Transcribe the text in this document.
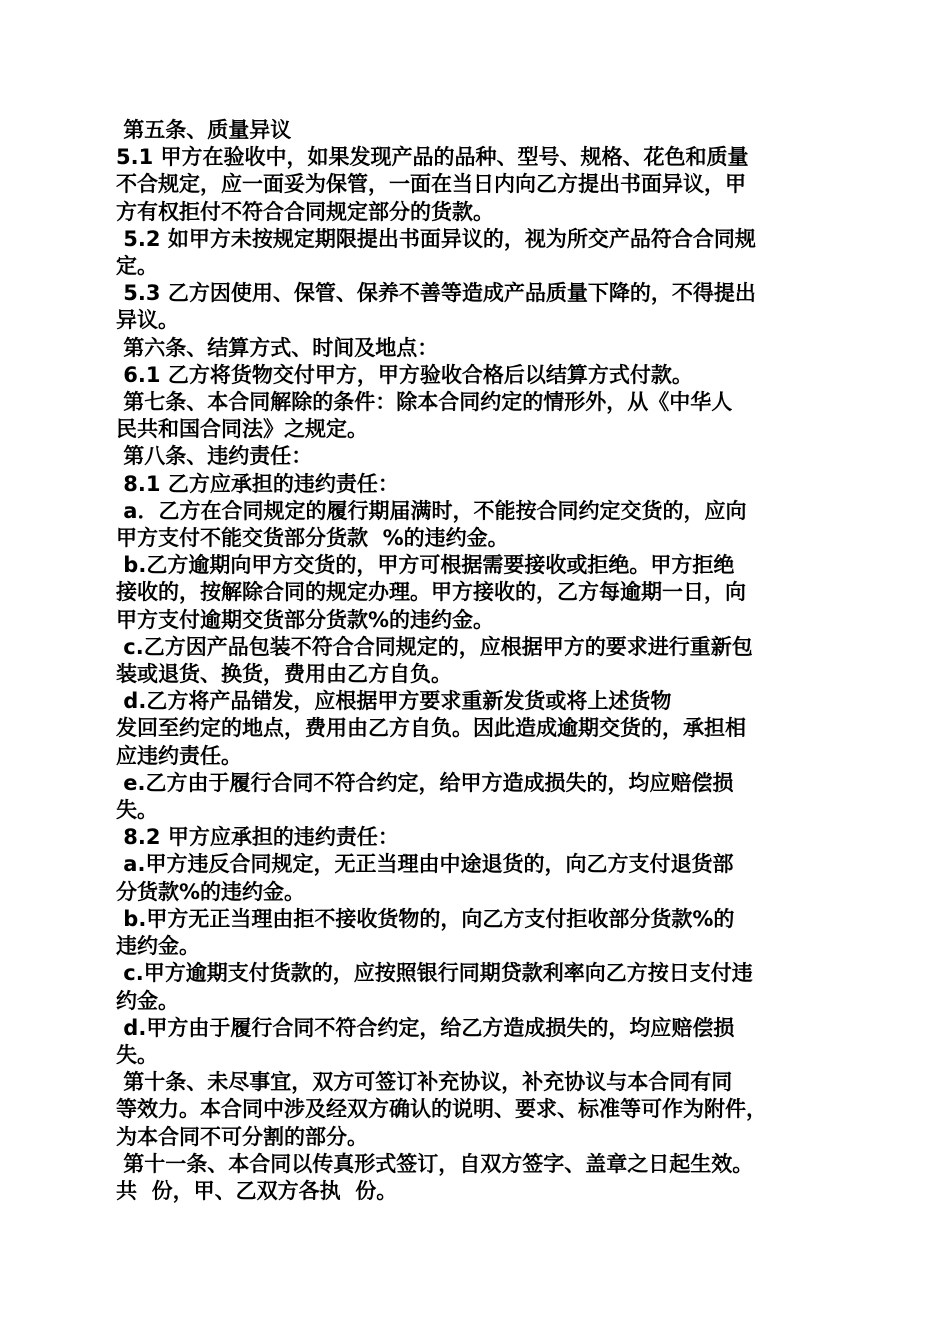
第五条、质量异议
5.1 甲方在验收中，如果发现产品的品种、型号、规格、花色和质量
不合规定，应一面妥为保管，一面在当日内向乙方提出书面异议，甲
方有权拒付不符合合同规定部分的货款。
5.2 如甲方未按规定期限提出书面异议的，视为所交产品符合合同规
定。
5.3 乙方因使用、保管、保养不善等造成产品质量下降的，不得提出
异议。
第六条、结算方式、时间及地点：
6.1 乙方将货物交付甲方，甲方验收合格后以结算方式付款。
第七条、本合同解除的条件：除本合同约定的情形外，从《中华人
民共和国合同法》之规定。
第八条、违约责任：
8.1 乙方应承担的违约责任：
a．乙方在合同规定的履行期届满时，不能按合同约定交货的，应向
甲方支付不能交货部分货款  %的违约金。
b.乙方逾期向甲方交货的，甲方可根据需要接收或拒绝。甲方拒绝
接收的，按解除合同的规定办理。甲方接收的，乙方每逾期一日，向
甲方支付逾期交货部分货款%的违约金。
c.乙方因产品包装不符合合同规定的，应根据甲方的要求进行重新包
装或退货、换货，费用由乙方自负。
d.乙方将产品错发，应根据甲方要求重新发货或将上述货物
发回至约定的地点，费用由乙方自负。因此造成逾期交货的，承担相
应违约责任。
e.乙方由于履行合同不符合约定，给甲方造成损失的，均应赔偿损
失。
8.2 甲方应承担的违约责任：
a.甲方违反合同规定，无正当理由中途退货的，向乙方支付退货部
分货款%的违约金。
b.甲方无正当理由拒不接收货物的，向乙方支付拒收部分货款%的
违约金。
c.甲方逾期支付货款的，应按照银行同期贷款利率向乙方按日支付违
约金。
d.甲方由于履行合同不符合约定，给乙方造成损失的，均应赔偿损
失。
第十条、未尽事宜，双方可签订补充协议，补充协议与本合同有同
等效力。本合同中涉及经双方确认的说明、要求、标准等可作为附件，
为本合同不可分割的部分。
第十一条、本合同以传真形式签订，自双方签字、盖章之日起生效。
共  份，甲、乙双方各执  份。
